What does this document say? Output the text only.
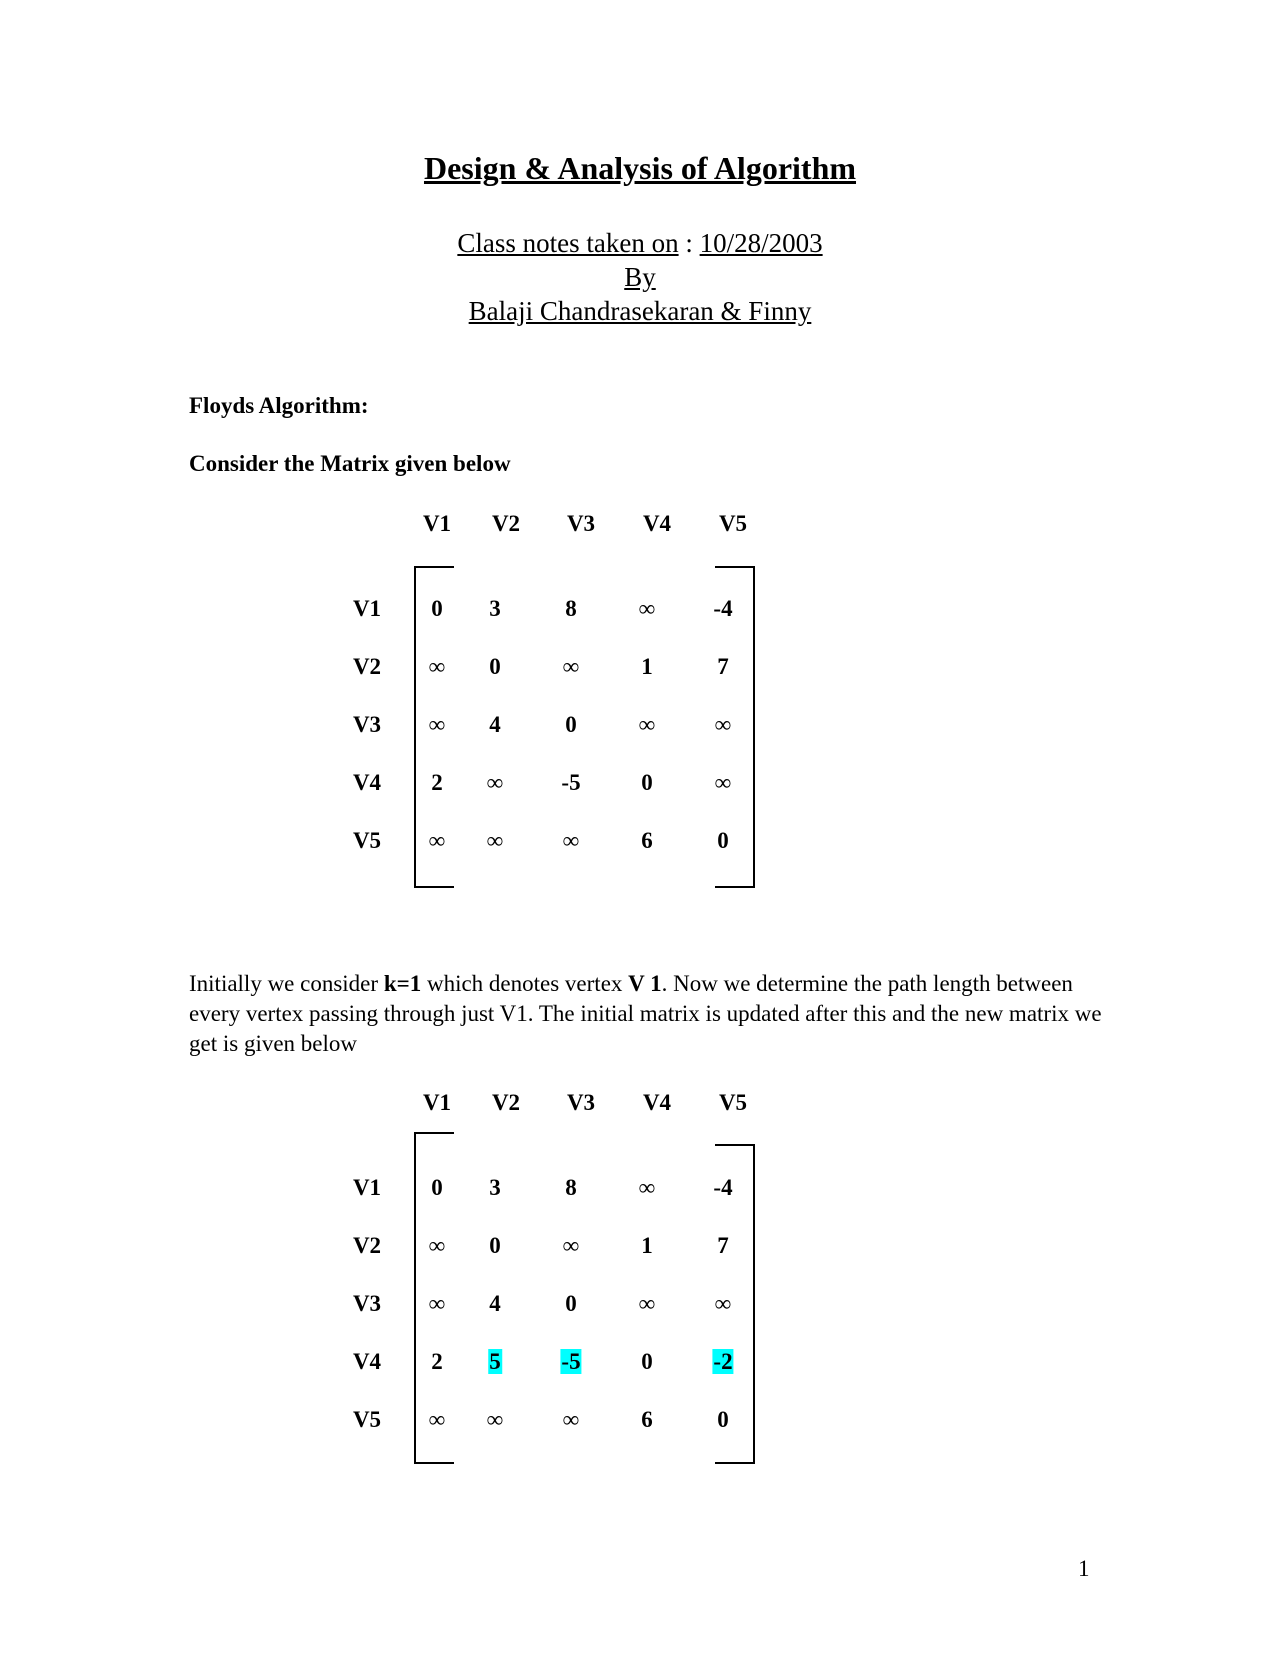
Design & Analysis of Algorithm
Class notes taken on : 10/28/2003
By
Balaji Chandrasekaran & Finny
Floyds Algorithm:
Consider the Matrix given below
V1 V2 V3 V4 V5
V1 0 3	8	∞	-4
V2 ∞ 0	∞	1	7
V3 ∞ 4	0	∞	∞
V4 2 ∞	-5	0	∞
V5 ∞ ∞	∞	6	0
Initially we consider k=1 which denotes vertex V 1. Now we determine the path length between every vertex passing through just V1. The initial matrix is updated after this and the new matrix we get is given below
V1 V2 V3 V4 V5
V1 0 3	8	∞	-4
V2 ∞ 0	∞	1	7
V3 ∞ 4	0	∞	∞
V4 2 5	-5	0	-2
V5 ∞ ∞	∞	6	0
1
